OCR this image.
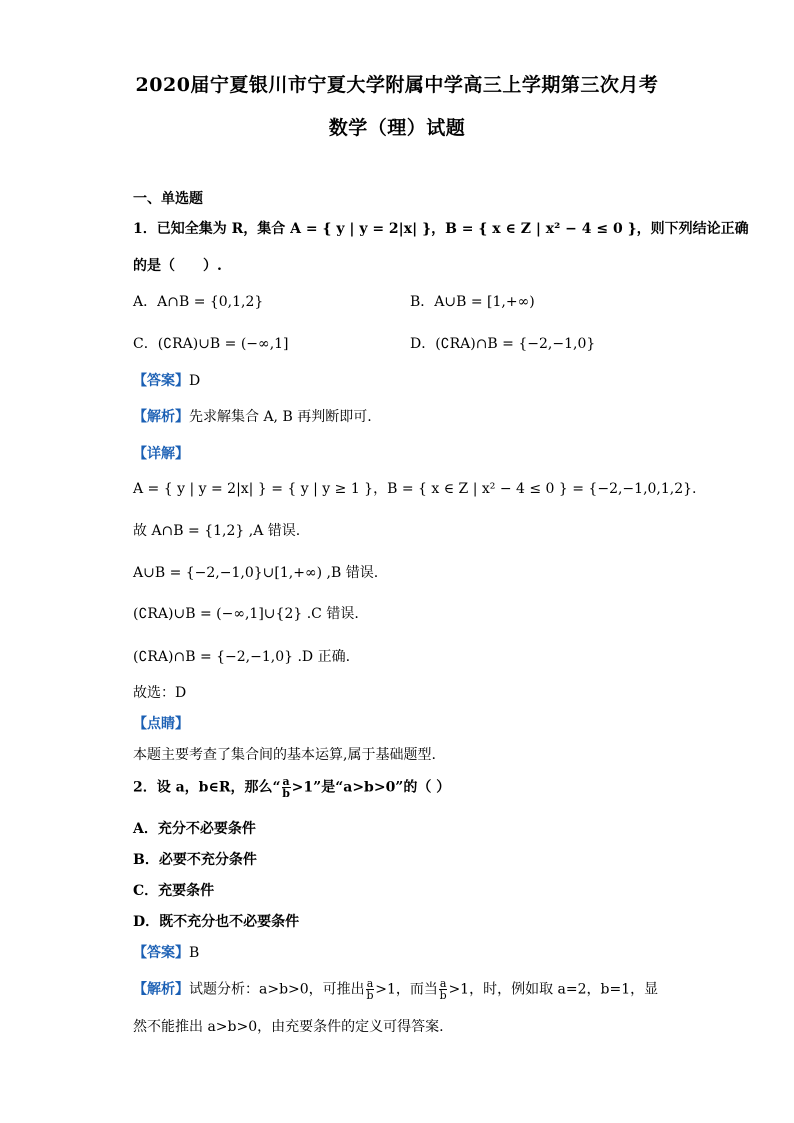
2020届宁夏银川市宁夏大学附属中学高三上学期第三次月考
数学（理）试题
一、单选题
1．已知全集为 R，集合 A = { y | y = 2|x| }，B = { x ∈ Z | x² − 4 ≤ 0 }，则下列结论正确
的是（　　）.
A．A∩B = {0,1,2}	B．A∪B = [1,+∞)
C．(∁RA)∪B = (−∞,1]	D．(∁RA)∩B = {−2,−1,0}
【答案】D
【解析】先求解集合 A, B 再判断即可.
【详解】
A = { y | y = 2|x| } = { y | y ≥ 1 }，B = { x ∈ Z | x² − 4 ≤ 0 } = {−2,−1,0,1,2}.
故 A∩B = {1,2} ,A 错误.
A∪B = {−2,−1,0}∪[1,+∞) ,B 错误.
(∁RA)∪B = (−∞,1]∪{2} .C 错误.
(∁RA)∩B = {−2,−1,0} .D 正确.
故选：D
【点睛】
本题主要考查了集合间的基本运算,属于基础题型.
2．设 a，b∈R，那么“ $\frac{a}{b} >1$”是“a>b>0”的（ ）
A．充分不必要条件
B．必要不充分条件
C．充要条件
D．既不充分也不必要条件
【答案】B
【解析】试题分析：a>b>0，可推出 $\frac{a}{b} >1$，而当 $\frac{a}{b} >1$，时，例如取 a=2，b=1，显
然不能推出 a>b>0，由充要条件的定义可得答案.
